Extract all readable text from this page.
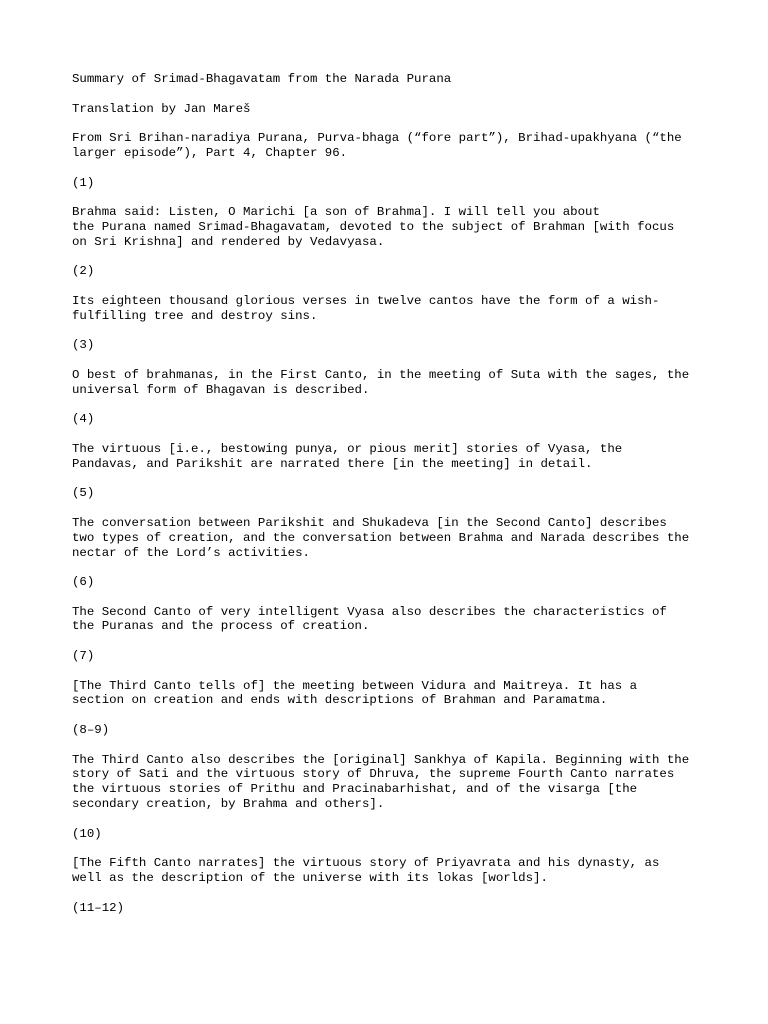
Summary of Srimad-Bhagavatam from the Narada Purana

Translation by Jan Mareš

From Sri Brihan-naradiya Purana, Purva-bhaga (“fore part”), Brihad-upakhyana (“the
larger episode”), Part 4, Chapter 96.

(1)

Brahma said: Listen, O Marichi [a son of Brahma]. I will tell you about
the Purana named Srimad-Bhagavatam, devoted to the subject of Brahman [with focus
on Sri Krishna] and rendered by Vedavyasa.

(2)

Its eighteen thousand glorious verses in twelve cantos have the form of a wish-
fulfilling tree and destroy sins.

(3)

O best of brahmanas, in the First Canto, in the meeting of Suta with the sages, the
universal form of Bhagavan is described.

(4)

The virtuous [i.e., bestowing punya, or pious merit] stories of Vyasa, the
Pandavas, and Parikshit are narrated there [in the meeting] in detail.

(5)

The conversation between Parikshit and Shukadeva [in the Second Canto] describes
two types of creation, and the conversation between Brahma and Narada describes the
nectar of the Lord’s activities.

(6)

The Second Canto of very intelligent Vyasa also describes the characteristics of
the Puranas and the process of creation.

(7)

[The Third Canto tells of] the meeting between Vidura and Maitreya. It has a
section on creation and ends with descriptions of Brahman and Paramatma.

(8–9)

The Third Canto also describes the [original] Sankhya of Kapila. Beginning with the
story of Sati and the virtuous story of Dhruva, the supreme Fourth Canto narrates
the virtuous stories of Prithu and Pracinabarhishat, and of the visarga [the
secondary creation, by Brahma and others].

(10)

[The Fifth Canto narrates] the virtuous story of Priyavrata and his dynasty, as
well as the description of the universe with its lokas [worlds].

(11–12)
